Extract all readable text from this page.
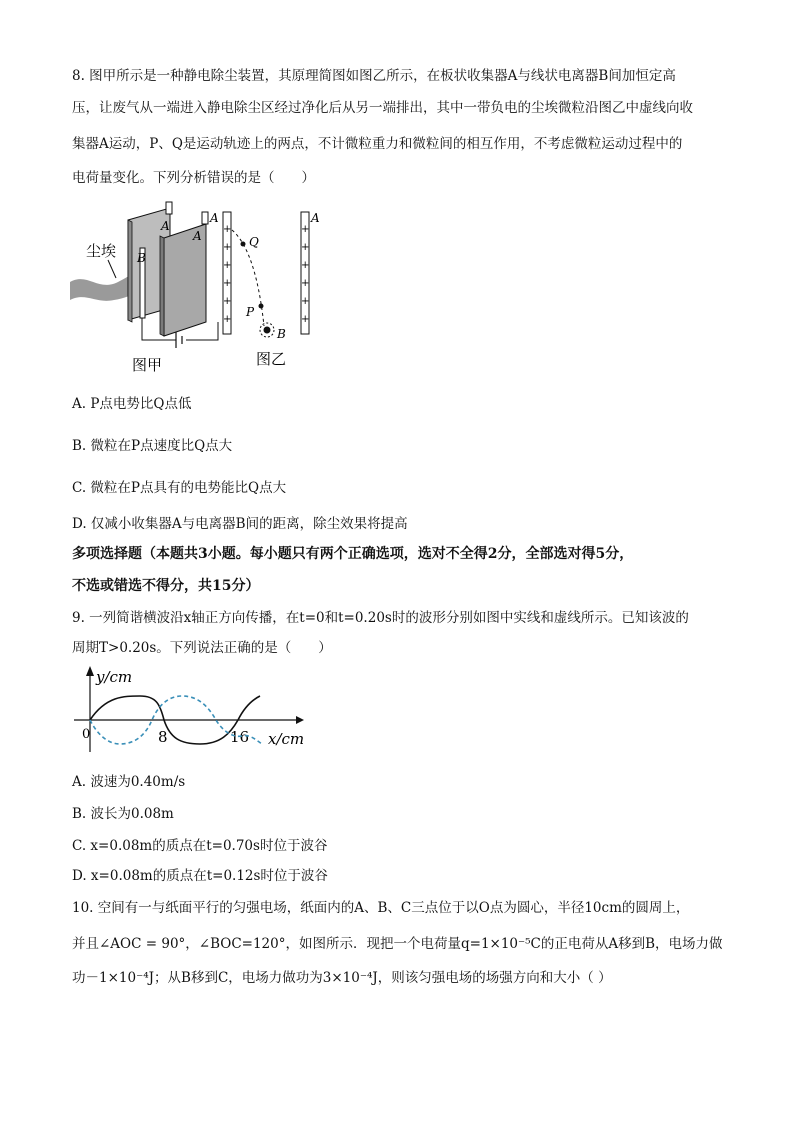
8. 图甲所示是一种静电除尘装置，其原理简图如图乙所示，在板状收集器A与线状电离器B间加恒定高
压，让废气从一端进入静电除尘区经过净化后从另一端排出，其中一带负电的尘埃微粒沿图乙中虚线向收
集器A运动，P、Q是运动轨迹上的两点，不计微粒重力和微粒间的相互作用，不考虑微粒运动过程中的
电荷量变化。下列分析错误的是（　　）
尘埃 B
A
A
图甲
+
+
+
+
+
+
A
Q
P
B
+
+
+
+
+
+
A
图乙
A. P点电势比Q点低
B. 微粒在P点速度比Q点大
C. 微粒在P点具有的电势能比Q点大
D. 仅减小收集器A与电离器B间的距离，除尘效果将提高
多项选择题（本题共3小题。每小题只有两个正确选项，选对不全得2分，全部选对得5分，
不选或错选不得分，共15分）
9. 一列简谐横波沿x轴正方向传播，在t=0和t=0.20s时的波形分别如图中实线和虚线所示。已知该波的
周期T>0.20s。下列说法正确的是（　　）
y/cm
x/cm
0	8	16
A. 波速为0.40m/s
B. 波长为0.08m
C. x=0.08m的质点在t=0.70s时位于波谷
D. x=0.08m的质点在t=0.12s时位于波谷
10. 空间有一与纸面平行的匀强电场，纸面内的A、B、C三点位于以O点为圆心，半径10cm的圆周上，
并且∠AOC = 90°，∠BOC=120°，如图所示．现把一个电荷量q=1×10⁻⁵C的正电荷从A移到B，电场力做
功－1×10⁻⁴J；从B移到C，电场力做功为3×10⁻⁴J，则该匀强电场的场强方向和大小（ ）
